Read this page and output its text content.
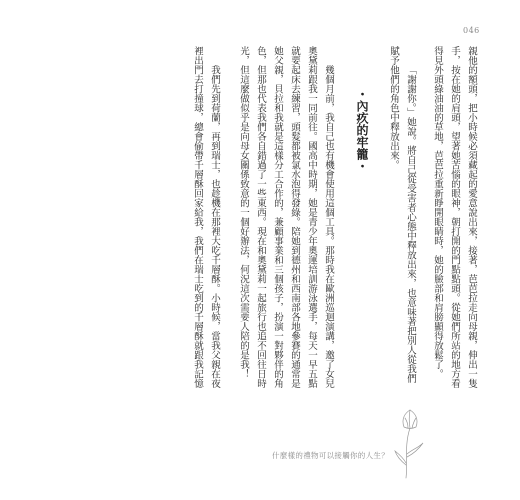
046
親他的額頭，把小時候必須藏起的愛意說出來，接著，芭芭拉走向母親，伸出一隻
手，按在她的肩頭，望著她苦惱的眼神，朝打開的門點點頭。從她們所站的地方看
得見外頭綠油油的草地，芭芭拉重新睜開眼睛時，她的臉部和肩膀顯得放鬆了。
「謝謝你。」她說。將自己從受害者心態中釋放出來，也意味著把別人從我們
賦予他們的角色中釋放出來。
・內疚的牢籠・
幾個月前，我自己也有機會使用這個工具。那時我在歐洲巡迴演講，邀了女兒
奧黛莉跟我一同前往。國高中時期，她是青少年奧運培訓游泳選手，每天一早五點
就要起床去練習，頭髮都被氯水泡得發綠。陪她到德州和西南部各地參賽的通常是
她父親，貝拉和我就是這樣分工合作的，兼顧事業和三個孩子，扮演一對夥伴的角
色，但那也代表我們各自錯過了一些東西。現在和奧黛莉一起旅行也追不回往日時
光，但這麼做似乎是向母女關係致意的一個好辦法，何況這次需要人陪的是我！
我們先到荷蘭，再到瑞士，也趁機在那裡大吃千層酥。小時候，當我父親在夜
裡出門去打撞球，總會偷帶千層酥回家給我，我們在瑞士吃到的千層酥就跟我記憶
什麼樣的禮物可以接觸你的人生？
